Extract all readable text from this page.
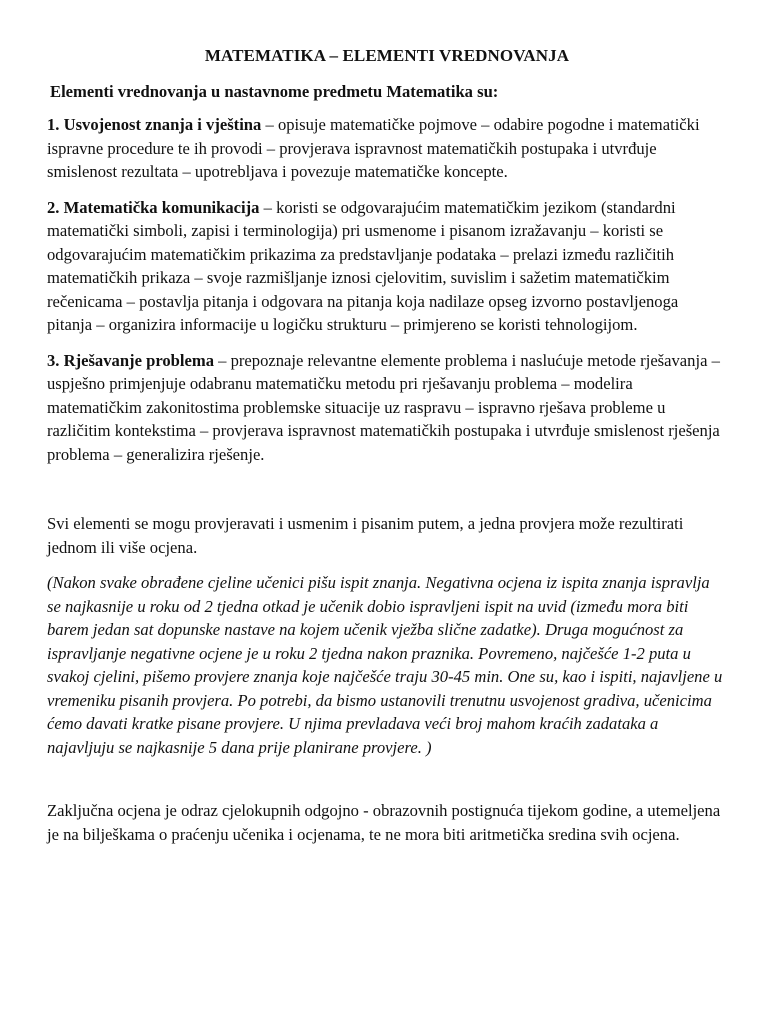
MATEMATIKA – ELEMENTI VREDNOVANJA
Elementi vrednovanja u nastavnome predmetu Matematika su:

1. Usvojenost znanja i vještina – opisuje matematičke pojmove – odabire pogodne i matematički ispravne procedure te ih provodi – provjerava ispravnost matematičkih postupaka i utvrđuje smislenost rezultata – upotrebljava i povezuje matematičke koncepte.

2. Matematička komunikacija – koristi se odgovarajućim matematičkim jezikom (standardni matematički simboli, zapisi i terminologija) pri usmenome i pisanom izražavanju – koristi se odgovarajućim matematičkim prikazima za predstavljanje podataka – prelazi između različitih matematičkih prikaza – svoje razmišljanje iznosi cjelovitim, suvislim i sažetim matematičkim rečenicama – postavlja pitanja i odgovara na pitanja koja nadilaze opseg izvorno postavljenoga pitanja – organizira informacije u logičku strukturu – primjereno se koristi tehnologijom.

3. Rješavanje problema – prepoznaje relevantne elemente problema i naslućuje metode rješavanja – uspješno primjenjuje odabranu matematičku metodu pri rješavanju problema – modelira matematičkim zakonitostima problemske situacije uz raspravu – ispravno rješava probleme u različitim kontekstima – provjerava ispravnost matematičkih postupaka i utvrđuje smislenost rješenja problema – generalizira rješenje.

Svi elementi se mogu provjeravati i usmenim i pisanim putem, a jedna provjera može rezultirati jednom ili više ocjena.

(Nakon svake obrađene cjeline učenici pišu ispit znanja. Negativna ocjena iz ispita znanja ispravlja se najkasnije u roku od 2 tjedna otkad je učenik dobio ispravljeni ispit na uvid (između mora biti barem jedan sat dopunske nastave na kojem učenik vježba slične zadatke). Druga mogućnost za ispravljanje negativne ocjene je u roku 2 tjedna nakon praznika. Povremeno, najčešće 1-2 puta u svakoj cjelini, pišemo provjere znanja koje najčešće traju 30-45 min. One su, kao i ispiti, najavljene u vremeniku pisanih provjera. Po potrebi, da bismo ustanovili trenutnu usvojenost gradiva, učenicima ćemo davati kratke pisane provjere. U njima prevladava veći broj mahom kraćih zadataka a najavljuju se najkasnije 5 dana prije planirane provjere. )

Zaključna ocjena je odraz cjelokupnih odgojno - obrazovnih postignuća tijekom godine, a utemeljena je na bilješkama o praćenju učenika i ocjenama, te ne mora biti aritmetička sredina svih ocjena.
